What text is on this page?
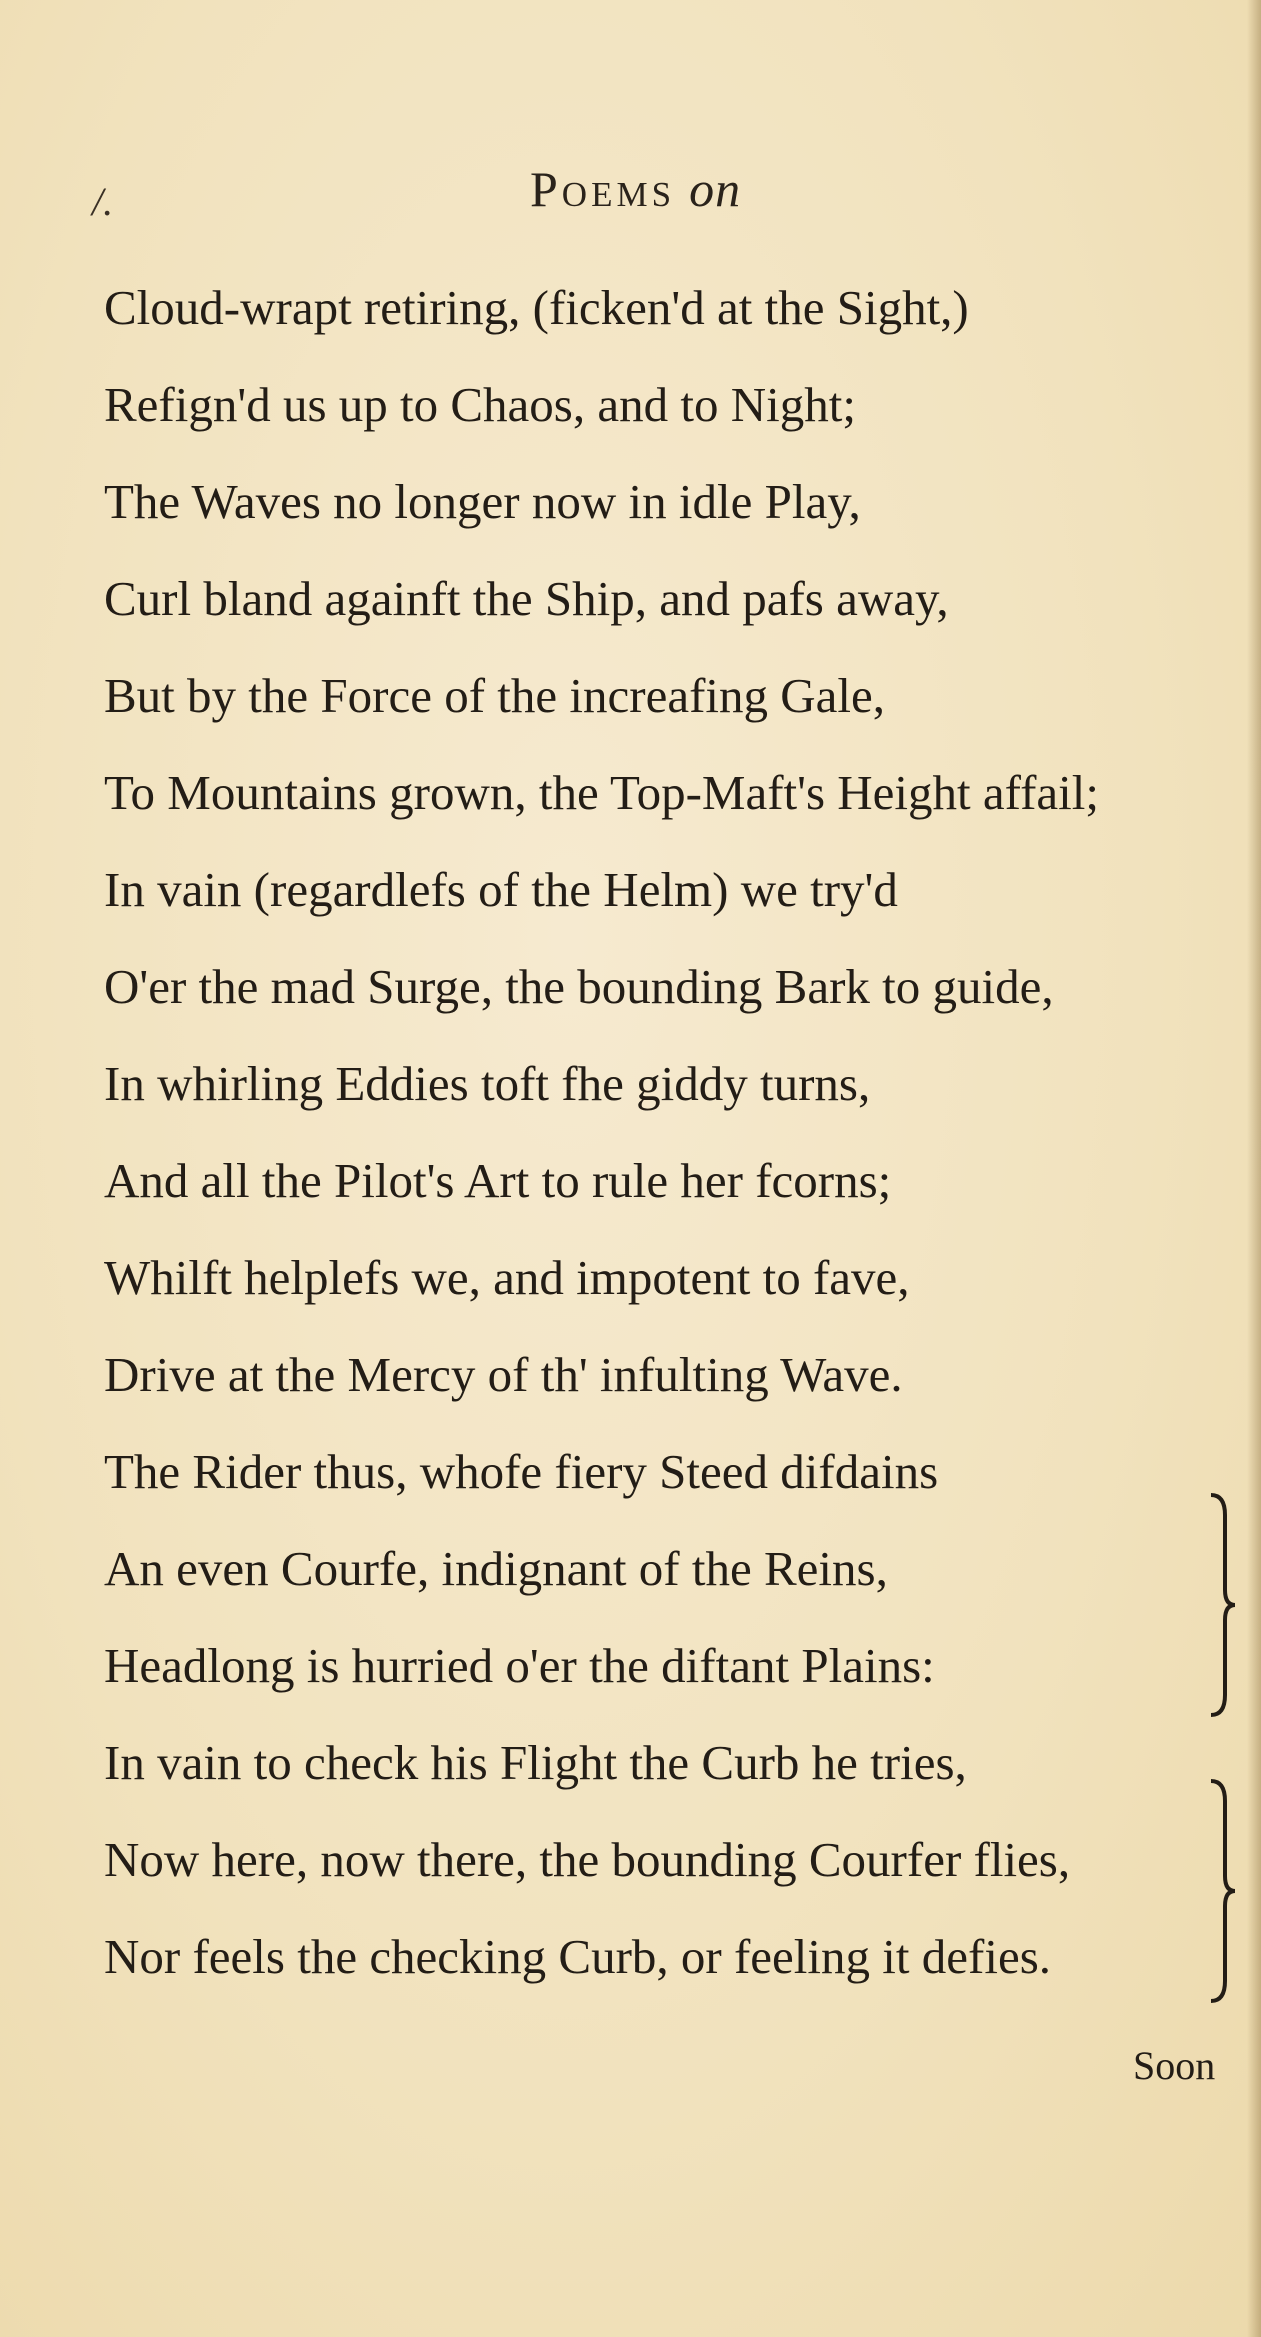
/.	Poems on
Cloud-wrapt retiring, (ficken'd at the Sight,)
Refign'd us up to Chaos, and to Night;
The Waves no longer now in idle Play,
Curl bland againft the Ship, and pafs away,
But by the Force of the increafing Gale,
To Mountains grown, the Top-Maft's Height affail;
In vain (regardlefs of the Helm) we try'd
O'er the mad Surge, the bounding Bark to guide,
In whirling Eddies toft fhe giddy turns,
And all the Pilot's Art to rule her fcorns;
Whilft helplefs we, and impotent to fave,
Drive at the Mercy of th' infulting Wave.
The Rider thus, whofe fiery Steed difdains
An even Courfe, indignant of the Reins,
Headlong is hurried o'er the diftant Plains:
In vain to check his Flight the Curb he tries,
Now here, now there, the bounding Courfer flies,
Nor feels the checking Curb, or feeling it defies.
Soon
